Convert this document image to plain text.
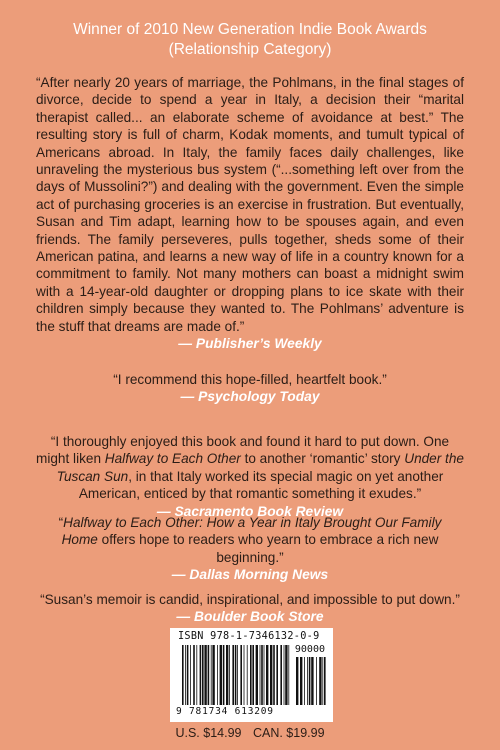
Winner of 2010 New Generation Indie Book Awards
(Relationship Category)

“After nearly 20 years of marriage, the Pohlmans, in the final stages of divorce, decide to spend a year in Italy, a decision their “marital therapist called... an elaborate scheme of avoidance at best.” The resulting story is full of charm, Kodak moments, and tumult typical of Americans abroad. In Italy, the family faces daily challenges, like unraveling the mysterious bus system (“...something left over from the days of Mussolini?”) and dealing with the government. Even the simple act of purchasing groceries is an exercise in frustration. But eventually, Susan and Tim adapt, learning how to be spouses again, and even friends. The family perseveres, pulls together, sheds some of their American patina, and learns a new way of life in a country known for a commitment to family. Not many mothers can boast a midnight swim with a 14-year-old daughter or dropping plans to ice skate with their children simply because they wanted to. The Pohlmans’ adventure is the stuff that dreams are made of.”

— Publisher’s Weekly

“I recommend this hope-filled, heartfelt book.”

— Psychology Today

“I thoroughly enjoyed this book and found it hard to put down. One might liken Halfway to Each Other to another ‘romantic’ story Under the Tuscan Sun, in that Italy worked its special magic on yet another American, enticed by that romantic something it exudes.”

— Sacramento Book Review

“Halfway to Each Other: How a Year in Italy Brought Our Family Home offers hope to readers who yearn to embrace a rich new beginning.”

— Dallas Morning News

“Susan’s memoir is candid, inspirational, and impossible to put down.”

— Boulder Book Store
ISBN 978-1-7346132-0-9
90000
9 781734 613209
U.S. $14.99 CAN. $19.99
